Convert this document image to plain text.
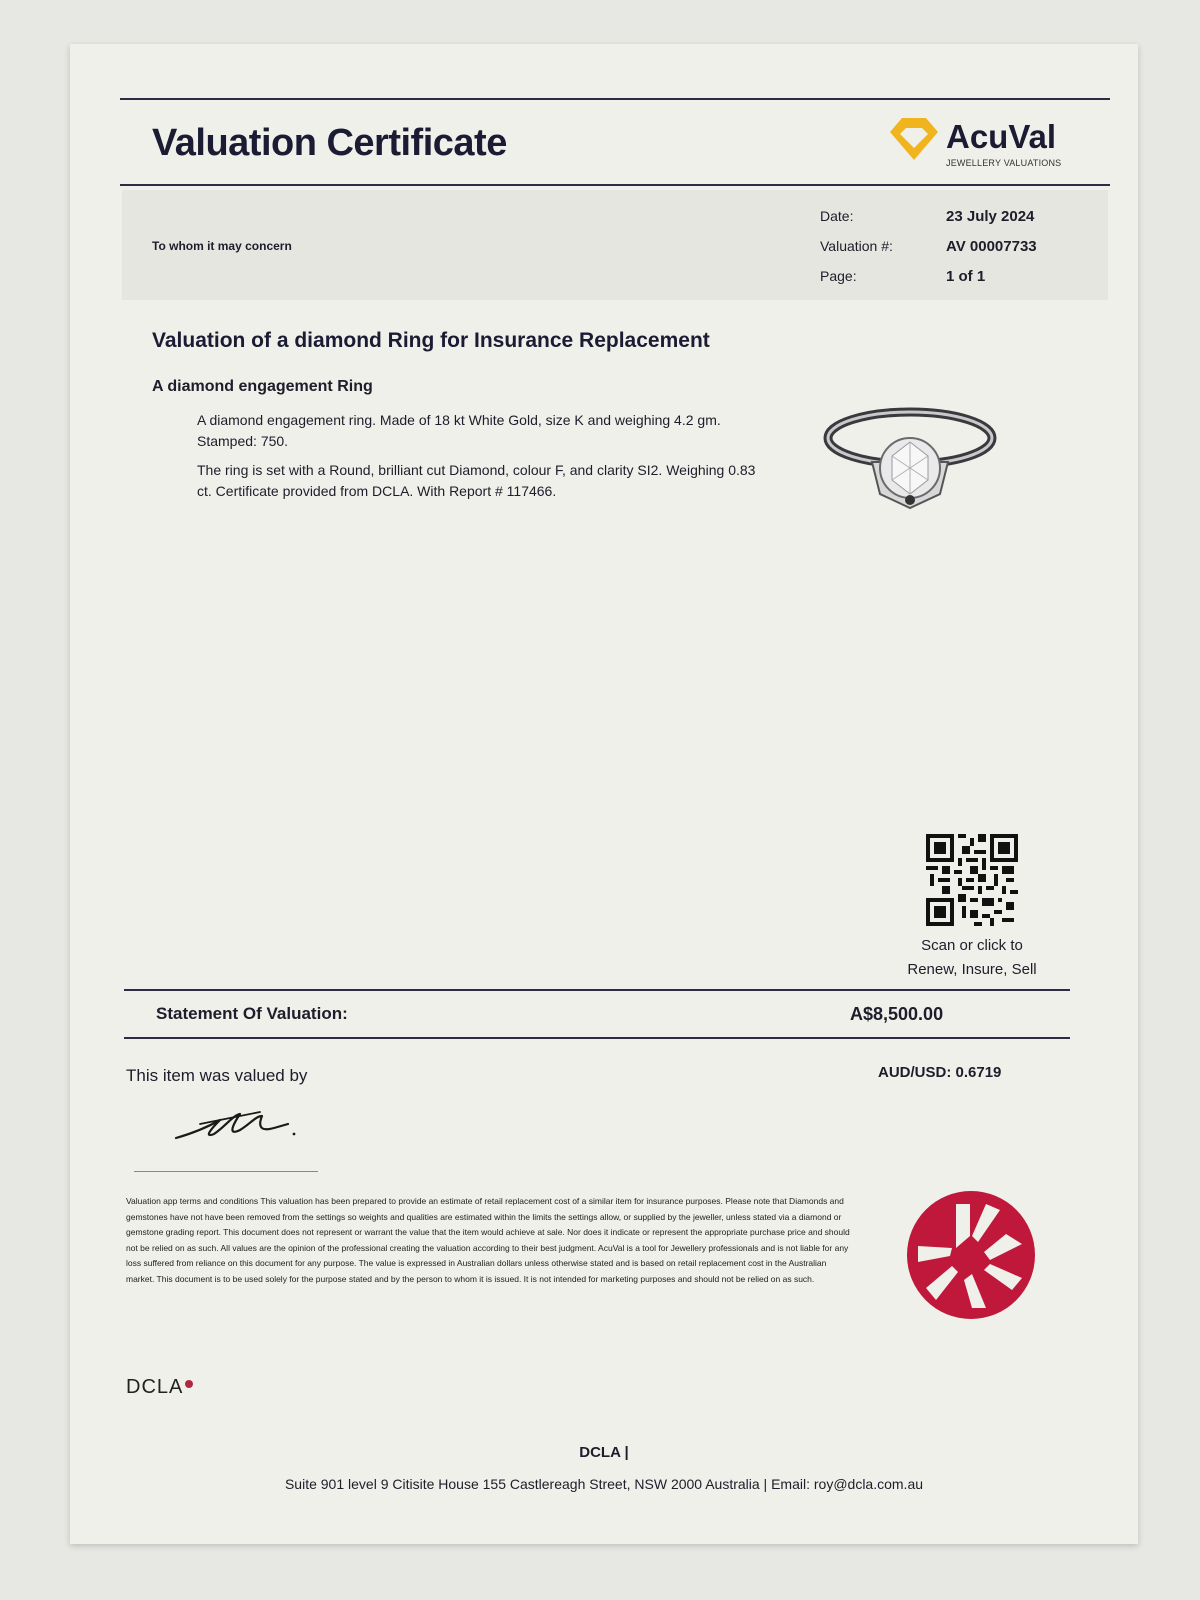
Valuation Certificate	AcuVal
JEWELLERY VALUATIONS
To whom it may concern
Date:	23 July 2024
Valuation #:	AV 00007733
Page:	1 of 1
Valuation of a diamond Ring for Insurance Replacement
A diamond engagement Ring

A diamond engagement ring. Made of 18 kt White Gold, size K and weighing 4.2 gm. Stamped: 750.

The ring is set with a Round, brilliant cut Diamond, colour F, and clarity SI2. Weighing 0.83 ct. Certificate provided from DCLA. With Report # 117466.

Scan or click to
Renew, Insure, Sell
Statement Of Valuation:	A$8,500.00
This item was valued by	AUD/USD: 0.6719
Valuation app terms and conditions This valuation has been prepared to provide an estimate of retail replacement cost of a similar item for insurance purposes. Please note that Diamonds and gemstones have not have been removed from the settings so weights and qualities are estimated within the limits the settings allow, or supplied by the jeweller, unless stated via a diamond or gemstone grading report. This document does not represent or warrant the value that the item would achieve at sale. Nor does it indicate or represent the appropriate purchase price and should not be relied on as such. All values are the opinion of the professional creating the valuation according to their best judgment. AcuVal is a tool for Jewellery professionals and is not liable for any loss suffered from reliance on this document for any purpose. The value is expressed in Australian dollars unless otherwise stated and is based on retail replacement cost in the Australian market. This document is to be used solely for the purpose stated and by the person to whom it is issued. It is not intended for marketing purposes and should not be relied on as such.
DCLA
DCLA |
Suite 901 level 9 Citisite House 155 Castlereagh Street, NSW 2000 Australia | Email: roy@dcla.com.au
